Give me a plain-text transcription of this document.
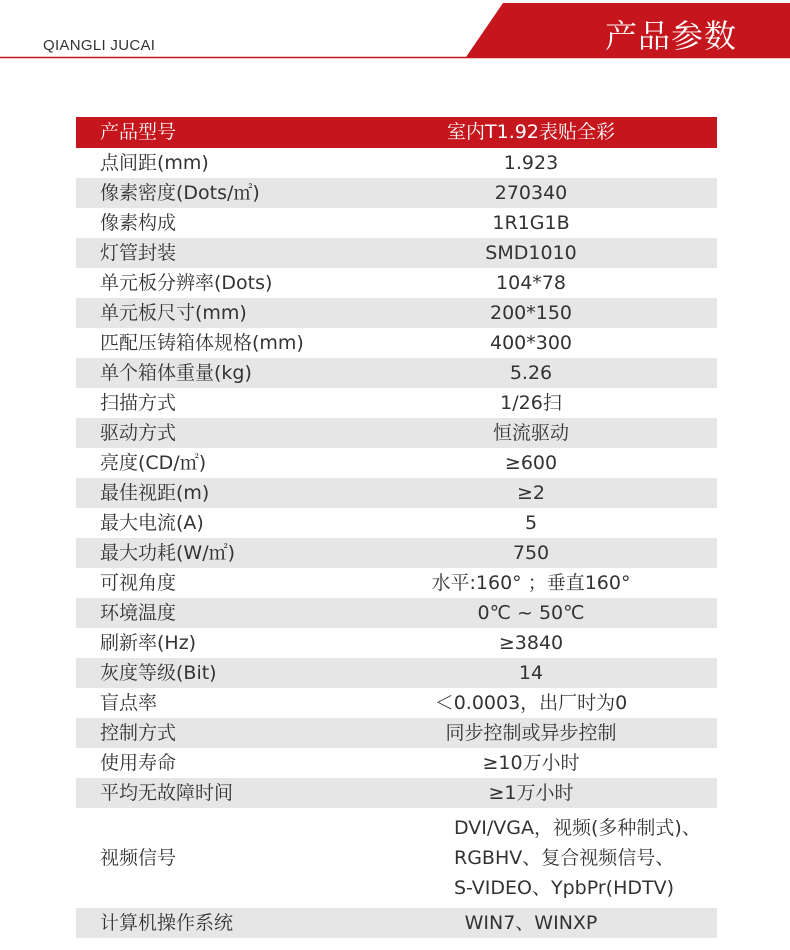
QIANGLI JUCAI	产品参数
产品型号	室内T1.92表贴全彩
点间距(mm)	1.923
像素密度(Dots/㎡)	270340
像素构成	1R1G1B
灯管封装	SMD1010
单元板分辨率(Dots)	104*78
单元板尺寸(mm)	200*150
匹配压铸箱体规格(mm)	400*300
单个箱体重量(kg)	5.26
扫描方式	1/26扫
驱动方式	恒流驱动
亮度(CD/㎡)	≥600
最佳视距(m)	≥2
最大电流(A)	5
最大功耗(W/㎡)	750
可视角度	水平:160° ；垂直160°
环境温度	0℃ ~ 50℃
刷新率(Hz)	≥3840
灰度等级(Bit)	14
盲点率	＜0.0003，出厂时为0
控制方式	同步控制或异步控制
使用寿命	≥10万小时
平均无故障时间	≥1万小时
视频信号	DVI/VGA，视频(多种制式)、
RGBHV、复合视频信号、
S-VIDEO、YpbPr(HDTV)

计算机操作系统	WIN7、WINXP
